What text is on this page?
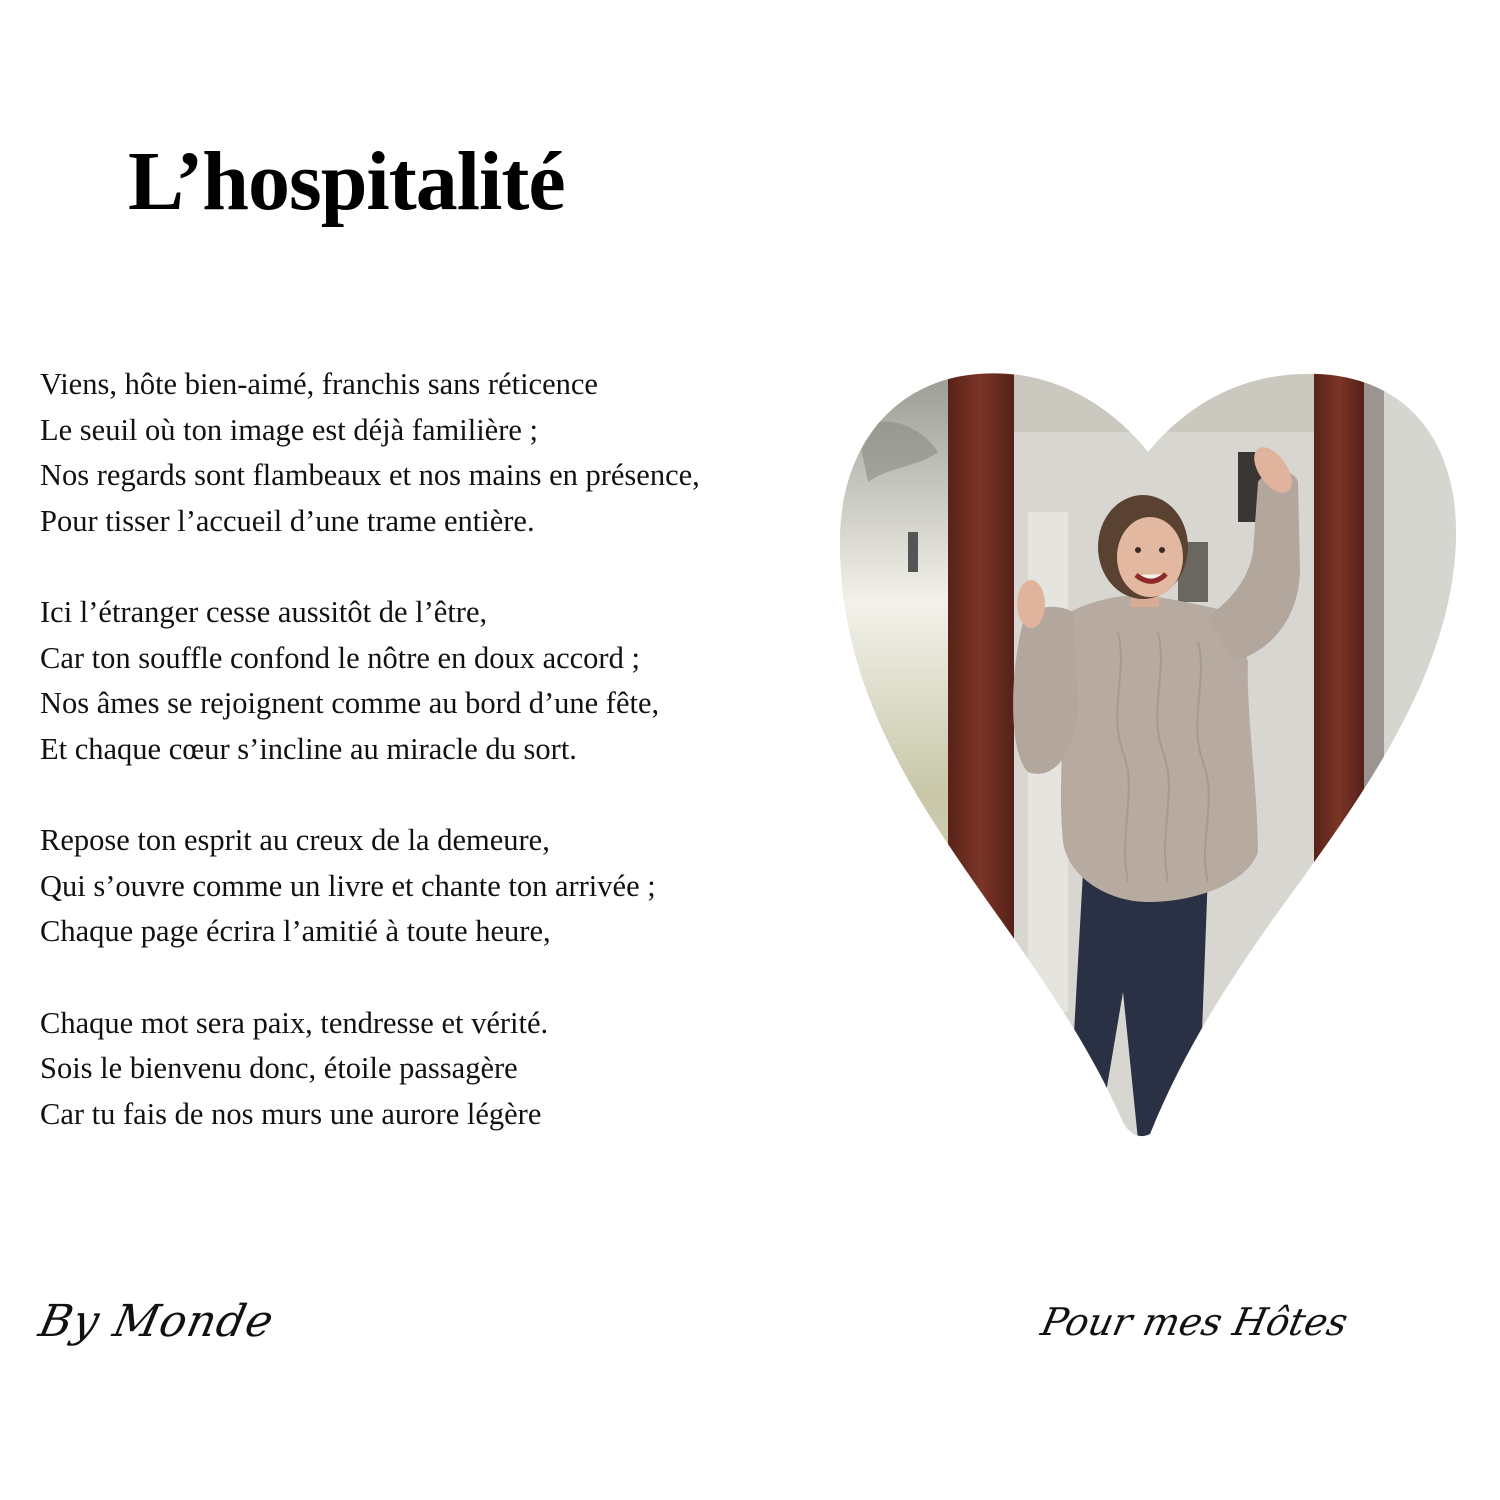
L’hospitalité
Viens, hôte bien-aimé, franchis sans réticence
Le seuil où ton image est déjà familière ;
Nos regards sont flambeaux et nos mains en présence,
Pour tisser l’accueil d’une trame entière.
Ici l’étranger cesse aussitôt de l’être,
Car ton souffle confond le nôtre en doux accord ;
Nos âmes se rejoignent comme au bord d’une fête,
Et chaque cœur s’incline au miracle du sort.
Repose ton esprit au creux de la demeure,
Qui s’ouvre comme un livre et chante ton arrivée ;
Chaque page écrira l’amitié à toute heure,
Chaque mot sera paix, tendresse et vérité.
Sois le bienvenu donc, étoile passagère
Car tu fais de nos murs une aurore légère
By Monde	Pour mes Hôtes
